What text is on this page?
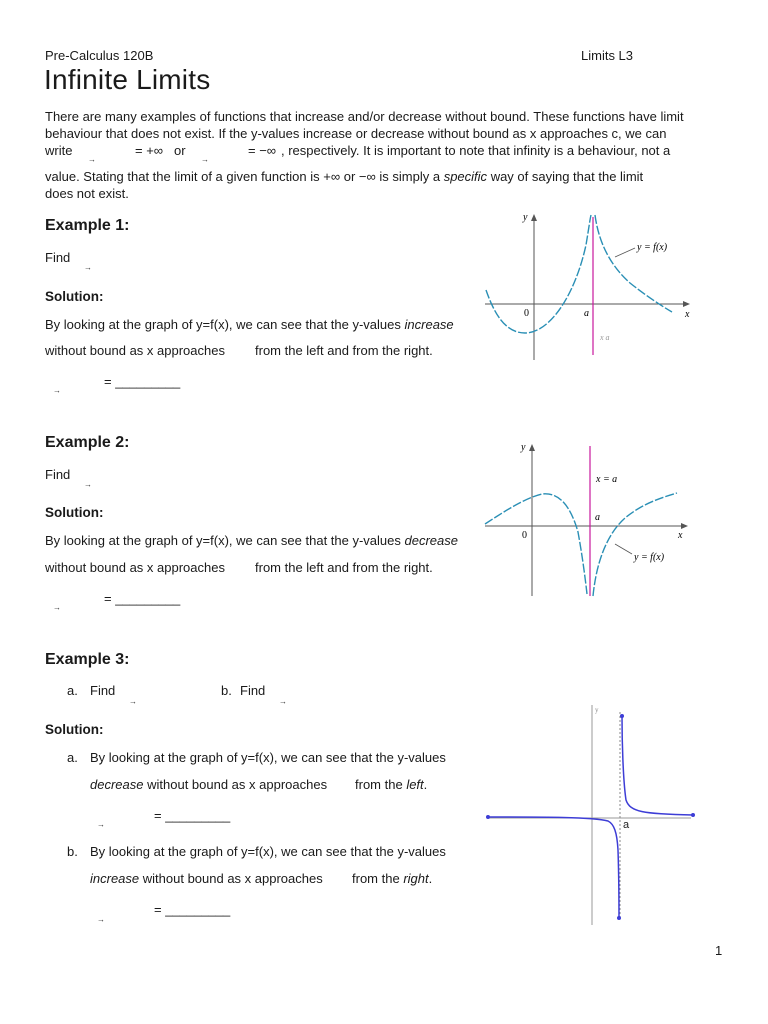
Pre-Calculus 120B	Limits L3
Infinite Limits
There are many examples of functions that increase and/or decrease without bound. These functions have limit
behaviour that does not exist. If the y-values increase or decrease without bound as x approaches c, we can
write
→
= +∞ or
→
= −∞ , respectively. It is important to note that infinity is a behaviour, not a
value. Stating that the limit of a given function is +∞ or −∞ is simply a specific way of saying that the limit
does not exist.
Example 1:
Find
→
Solution:
By looking at the graph of y=f(x), we can see that the y-values increase
without bound as x approaches from the left and from the right.
→
= _________
Example 2:
Find
→
Solution:
By looking at the graph of y=f(x), we can see that the y-values decrease
without bound as x approaches from the left and from the right.
→
= _________
Example 3:
a. Find
→
b. Find
→
Solution:
a. By looking at the graph of y=f(x), we can see that the y-values
decrease without bound as x approaches from the left.
→
= _________
b. By looking at the graph of y=f(x), we can see that the y-values
increase without bound as x approaches from the right.
→
= _________
y
x
0	a
y = f(x)
x a
y
x
0
a
x = a
y = f(x)
y
a
1
